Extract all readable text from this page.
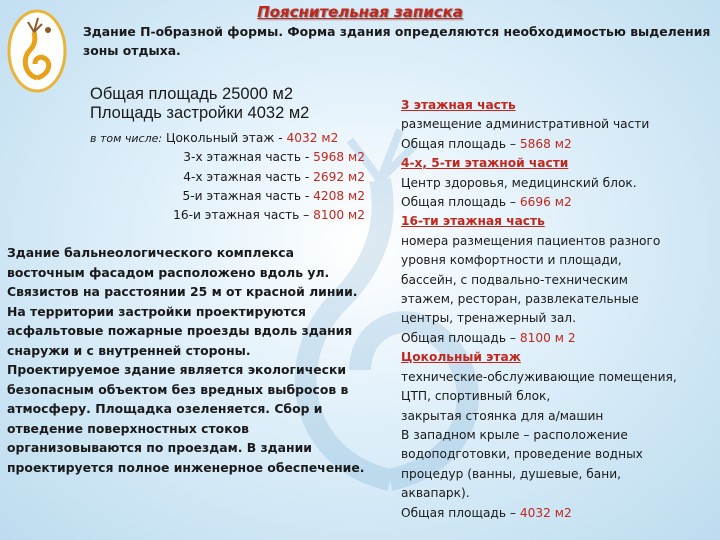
Пояснительная записка

Здание П-образной формы. Форма здания определяются необходимостью выделения зоны отдыха.

Общая площадь 25000 м2

Площадь застройки 4032 м2

в том числе: Цокольный этаж - 4032 м2
3-х этажная часть - 5968 м2
4-х этажная часть - 2692 м2
5-и этажная часть - 4208 м2
16-и этажная часть – 8100 м2

Здание бальнеологического комплекса восточным фасадом расположено вдоль ул. Связистов на расстоянии 25 м от красной линии. На территории застройки проектируются асфальтовые пожарные проезды вдоль здания снаружи и с внутренней стороны. Проектируемое здание является экологически безопасным объектом без вредных выбросов в атмосферу. Площадка озеленяется. Сбор и отведение поверхностных стоков организовываются по проездам. В здании проектируется полное инженерное обеспечение.

3 этажная часть
размещение административной части
Общая площадь – 5868 м2
4-х, 5-ти этажной части
Центр здоровья, медицинский блок.
Общая площадь – 6696 м2
16-ти этажная часть
номера размещения пациентов разного
уровня комфортности и площади,
бассейн, с подвально-техническим
этажем, ресторан, развлекательные
центры, тренажерный зал.
Общая площадь – 8100 м 2
Цокольный этаж
технические-обслуживающие помещения,
ЦТП, спортивный блок,
закрытая стоянка для а/машин
В западном крыле – расположение
водоподготовки, проведение водных
процедур (ванны, душевые, бани,
аквапарк).
Общая площадь – 4032 м2
